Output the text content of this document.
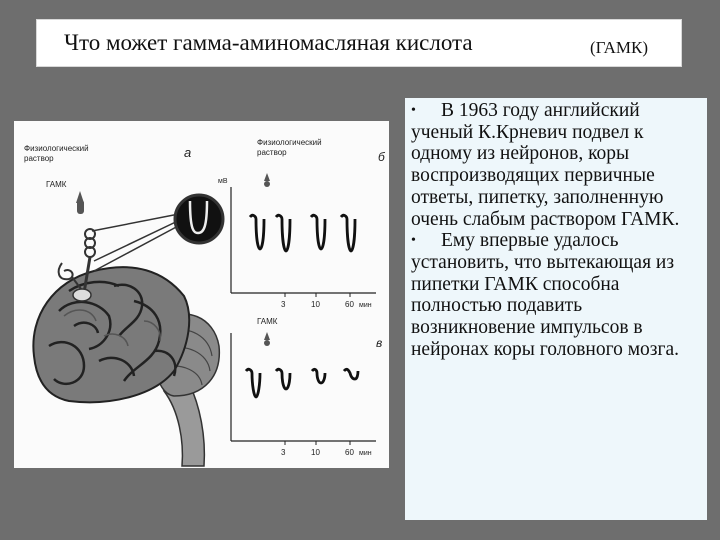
Что может гамма-аминомасляная кислота	(ГАМК)
Физиологический
раствор
ГАМК
а
Физиологический
раствор	б
мВ
3	10	60 мин
ГАМК
в
3	10	60 мин

• В 1963 году английский ученый К.Крневич подвел к одному из нейронов, коры воспроизводящих первичные ответы, пипетку, заполненную очень слабым раствором ГАМК.

• Ему впервые удалось установить, что вытекающая из пипетки ГАМК способна полностью подавить возникновение импульсов в нейронах коры головного мозга.
